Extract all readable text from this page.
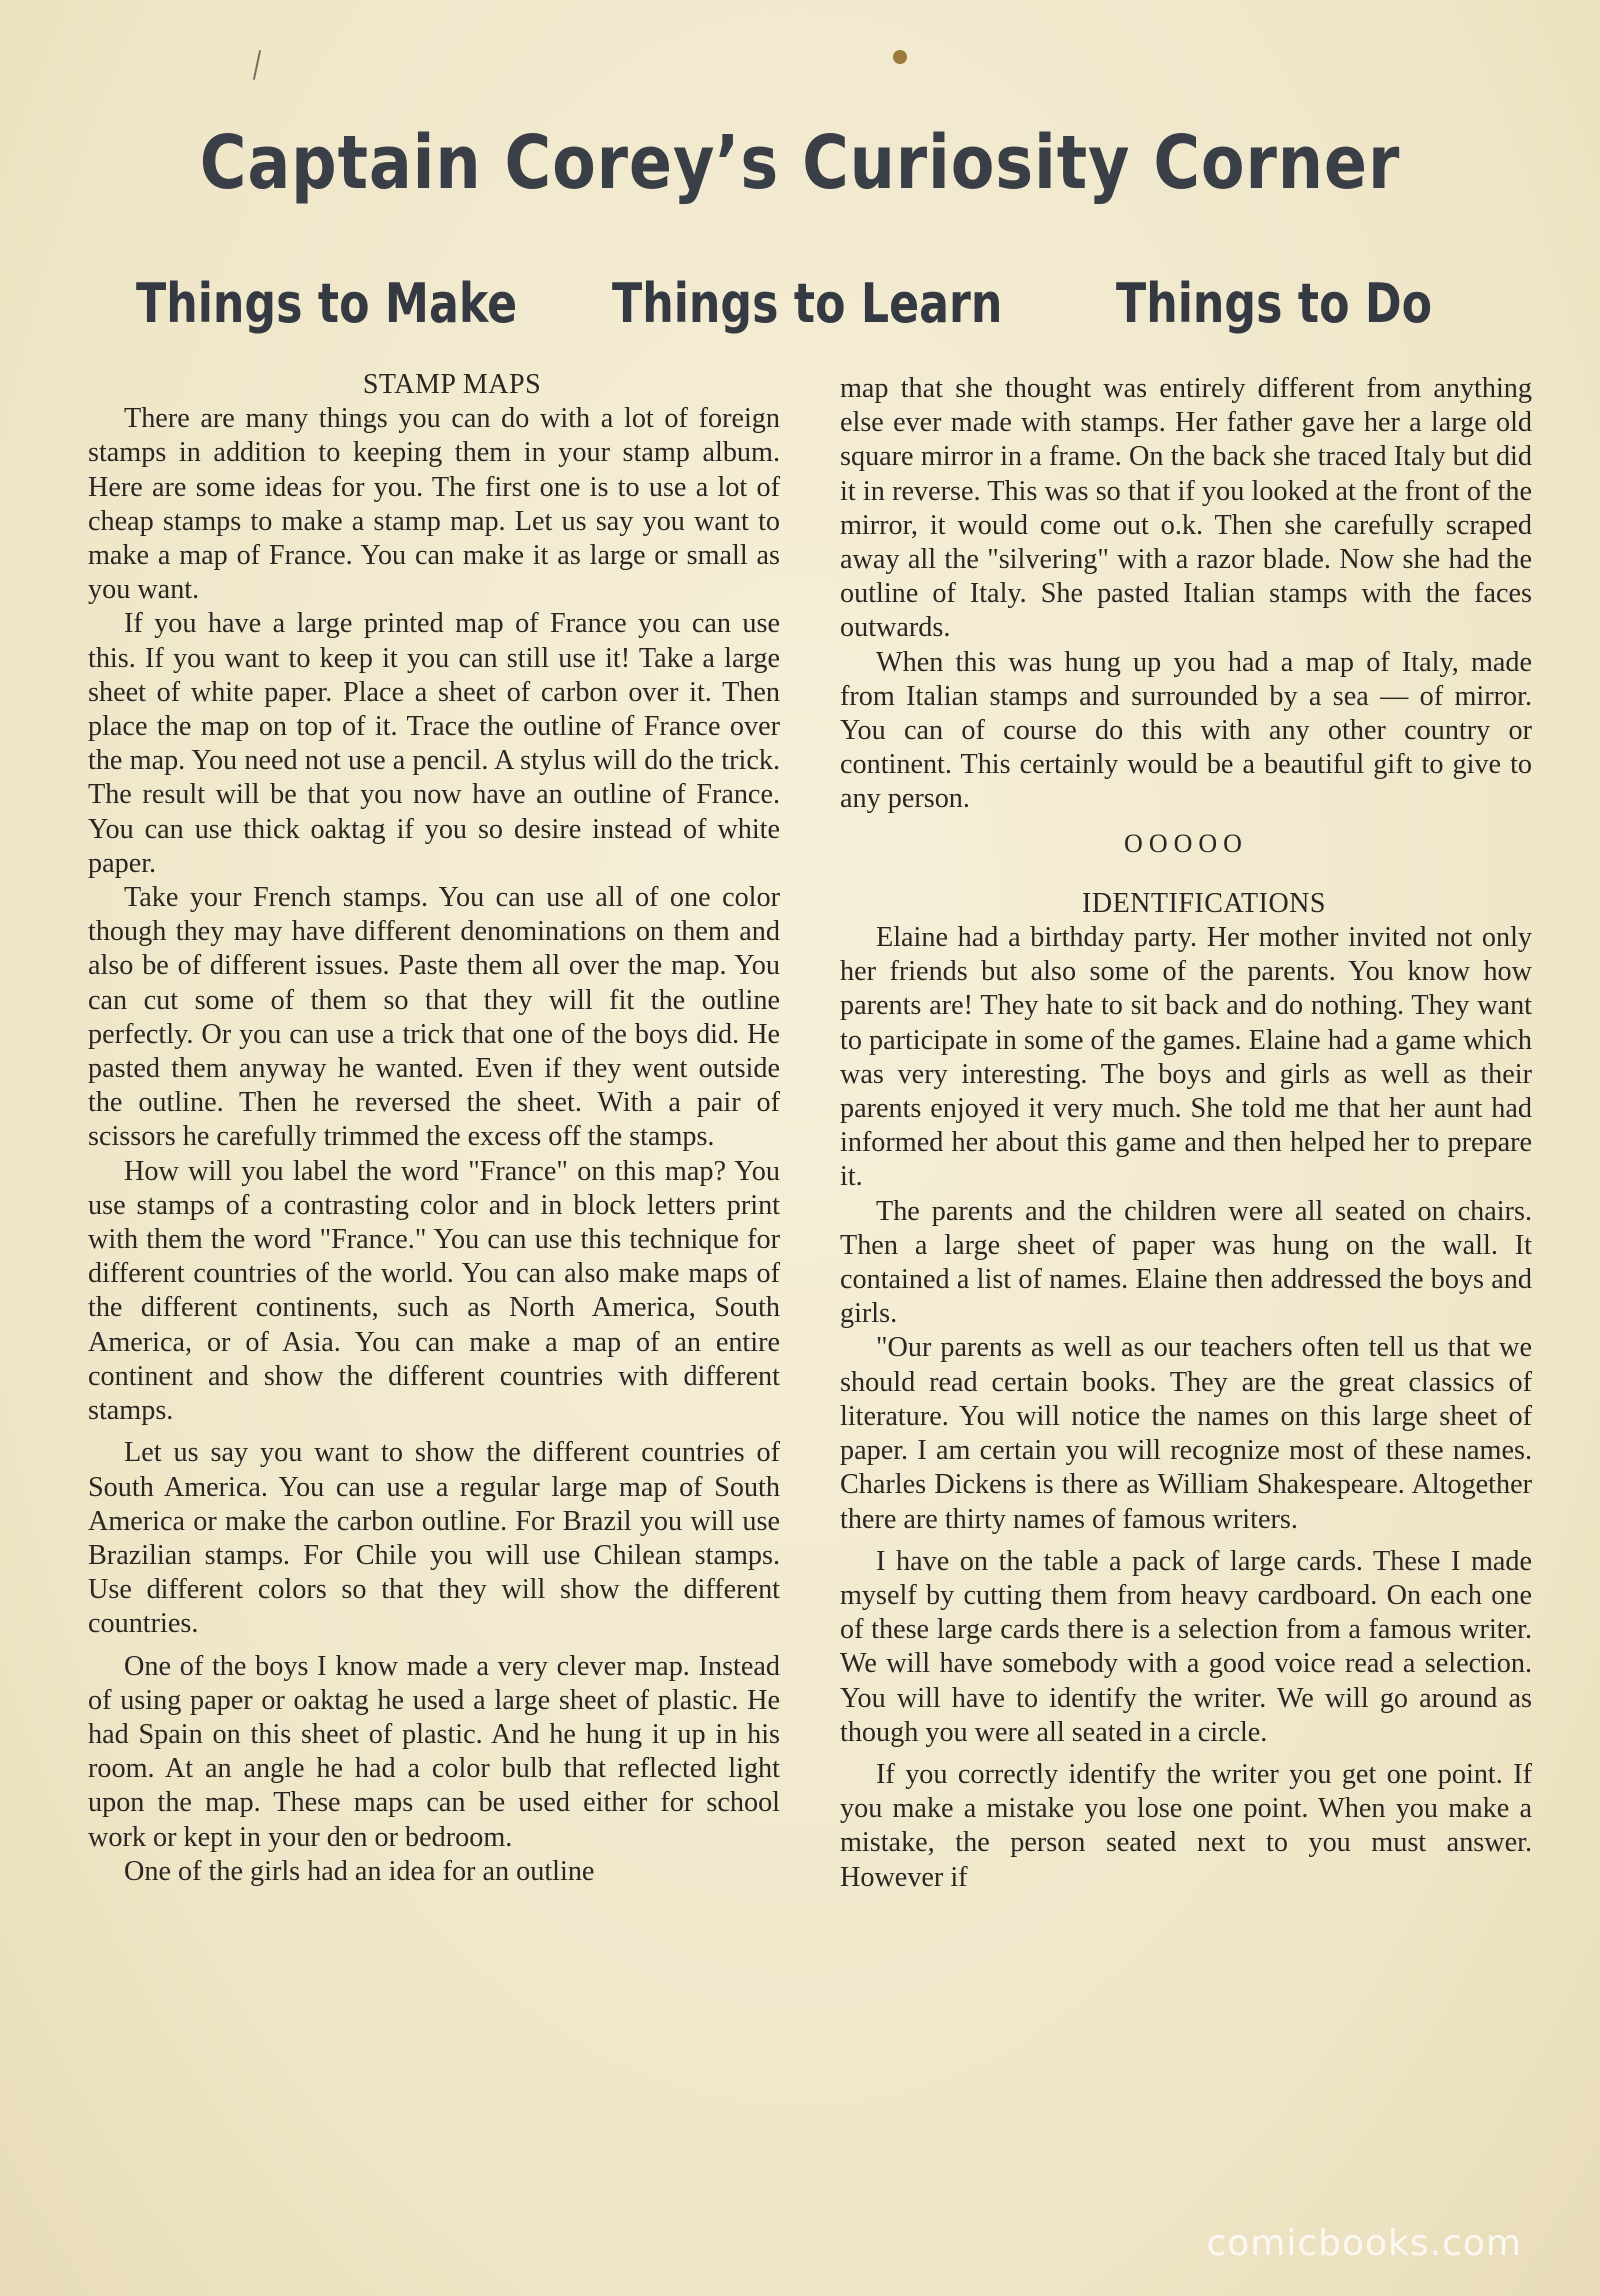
Captain Corey’s Curiosity Corner
Things to Make Things to Learn Things to Do

STAMP MAPS

There are many things you can do with a lot of foreign stamps in addition to keeping them in your stamp album. Here are some ideas for you. The first one is to use a lot of cheap stamps to make a stamp map. Let us say you want to make a map of France. You can make it as large or small as you want.

If you have a large printed map of France you can use this. If you want to keep it you can still use it! Take a large sheet of white paper. Place a sheet of carbon over it. Then place the map on top of it. Trace the outline of France over the map. You need not use a pencil. A stylus will do the trick. The result will be that you now have an outline of France. You can use thick oaktag if you so desire instead of white paper.

Take your French stamps. You can use all of one color though they may have different denominations on them and also be of different issues. Paste them all over the map. You can cut some of them so that they will fit the outline perfectly. Or you can use a trick that one of the boys did. He pasted them anyway he wanted. Even if they went outside the outline. Then he reversed the sheet. With a pair of scissors he carefully trimmed the excess off the stamps.

How will you label the word "France" on this map? You use stamps of a contrasting color and in block letters print with them the word "France." You can use this technique for different countries of the world. You can also make maps of the different continents, such as North America, South America, or of Asia. You can make a map of an entire continent and show the different countries with different stamps.

Let us say you want to show the different countries of South America. You can use a regular large map of South America or make the carbon outline. For Brazil you will use Brazilian stamps. For Chile you will use Chilean stamps. Use different colors so that they will show the different countries.

One of the boys I know made a very clever map. Instead of using paper or oaktag he used a large sheet of plastic. He had Spain on this sheet of plastic. And he hung it up in his room. At an angle he had a color bulb that reflected light upon the map. These maps can be used either for school work or kept in your den or bedroom.

One of the girls had an idea for an outline

map that she thought was entirely different from anything else ever made with stamps. Her father gave her a large old square mirror in a frame. On the back she traced Italy but did it in reverse. This was so that if you looked at the front of the mirror, it would come out o.k. Then she carefully scraped away all the "silvering" with a razor blade. Now she had the outline of Italy. She pasted Italian stamps with the faces outwards.

When this was hung up you had a map of Italy, made from Italian stamps and surrounded by a sea — of mirror. You can of course do this with any other country or continent. This certainly would be a beautiful gift to give to any person.

OOOOO

IDENTIFICATIONS

Elaine had a birthday party. Her mother invited not only her friends but also some of the parents. You know how parents are! They hate to sit back and do nothing. They want to participate in some of the games. Elaine had a game which was very interesting. The boys and girls as well as their parents enjoyed it very much. She told me that her aunt had informed her about this game and then helped her to prepare it.

The parents and the children were all seated on chairs. Then a large sheet of paper was hung on the wall. It contained a list of names. Elaine then addressed the boys and girls.

"Our parents as well as our teachers often tell us that we should read certain books. They are the great classics of literature. You will notice the names on this large sheet of paper. I am certain you will recognize most of these names. Charles Dickens is there as William Shakespeare. Altogether there are thirty names of famous writers.

I have on the table a pack of large cards. These I made myself by cutting them from heavy cardboard. On each one of these large cards there is a selection from a famous writer. We will have somebody with a good voice read a selection. You will have to identify the writer. We will go around as though you were all seated in a circle.

If you correctly identify the writer you get one point. If you make a mistake you lose one point. When you make a mistake, the person seated next to you must answer. However if

comicbooks.com
